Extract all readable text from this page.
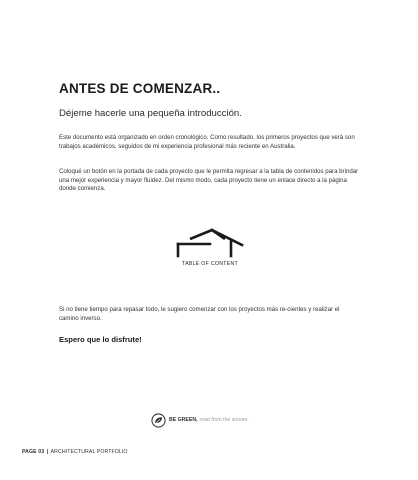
ANTES DE COMENZAR..

Déjeme hacerle una pequeña introducción.

Este documento está organizado en orden cronológico. Como resultado, los primeros proyectos que verá son trabajos académicos, seguidos de mi experiencia profesional más reciente en Australia.

Coloqué un botón en la portada de cada proyecto que le permita regresar a la tabla de contenidos para brindar una mejor experiencia y mayor fluidez. Del mismo modo, cada proyecto tiene un enlace directo a la página donde comienza.

TABLE OF CONTENT

Si no tiene tiempo para repasar todo, le sugiero comenzar con los proyectos más re-cientes y realizar el camino inverso.

Espero que lo disfrute!

BE GREEN, read from the screen.
PAGE 03 | ARCHITECTURAL PORTFOLIO
